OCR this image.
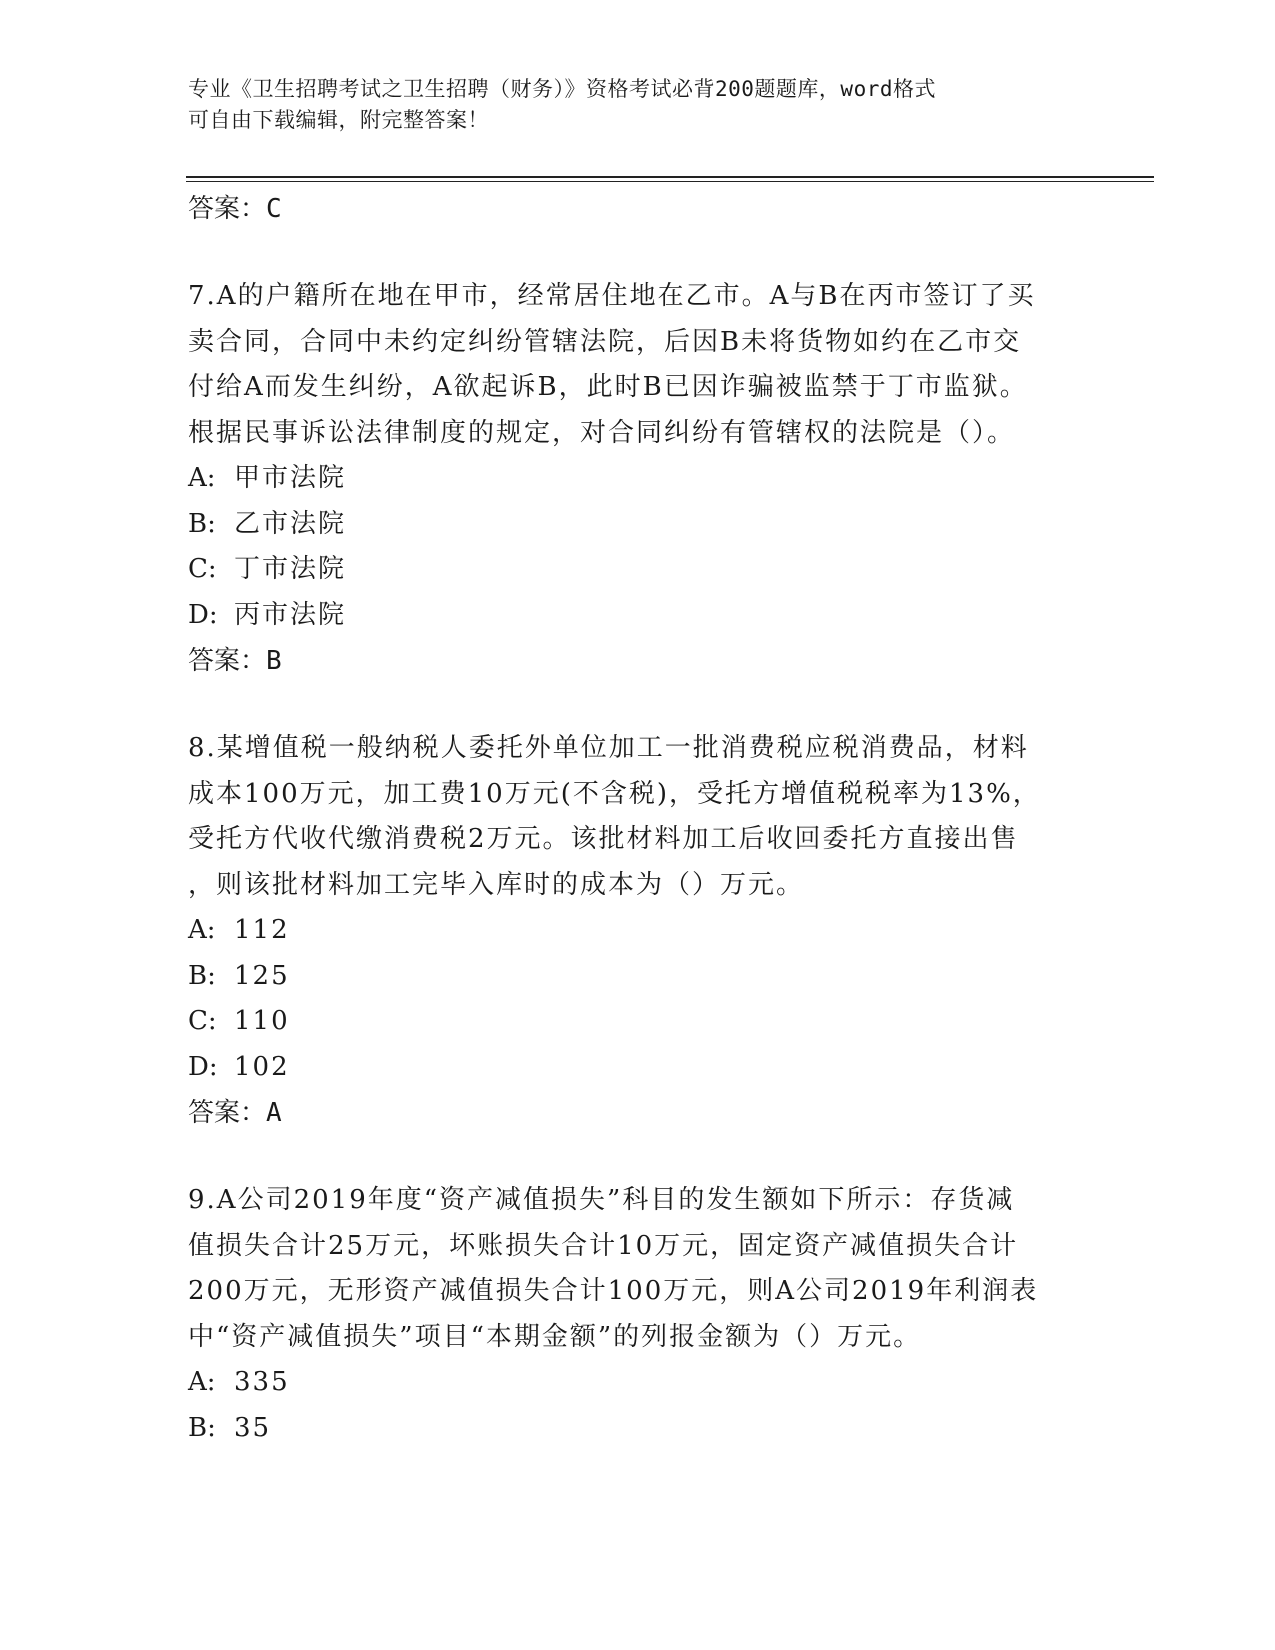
专业《卫生招聘考试之卫生招聘（财务）》资格考试必背200题题库，word格式
可自由下载编辑，附完整答案！
答案：C
7.A的户籍所在地在甲市，经常居住地在乙市。A与B在丙市签订了买
卖合同，合同中未约定纠纷管辖法院，后因B未将货物如约在乙市交
付给A而发生纠纷，A欲起诉B，此时B已因诈骗被监禁于丁市监狱。
根据民事诉讼法律制度的规定，对合同纠纷有管辖权的法院是（）。
A: 甲市法院
B: 乙市法院
C: 丁市法院
D: 丙市法院
答案：B
8.某增值税一般纳税人委托外单位加工一批消费税应税消费品，材料
成本100万元，加工费10万元(不含税)，受托方增值税税率为13%，
受托方代收代缴消费税2万元。该批材料加工后收回委托方直接出售
，则该批材料加工完毕入库时的成本为（）万元。
A: 112
B: 125
C: 110
D: 102
答案：A
9.A公司2019年度“资产减值损失”科目的发生额如下所示：存货减
值损失合计25万元，坏账损失合计10万元，固定资产减值损失合计
200万元，无形资产减值损失合计100万元，则A公司2019年利润表
中“资产减值损失”项目“本期金额”的列报金额为（）万元。
A: 335
B: 35
